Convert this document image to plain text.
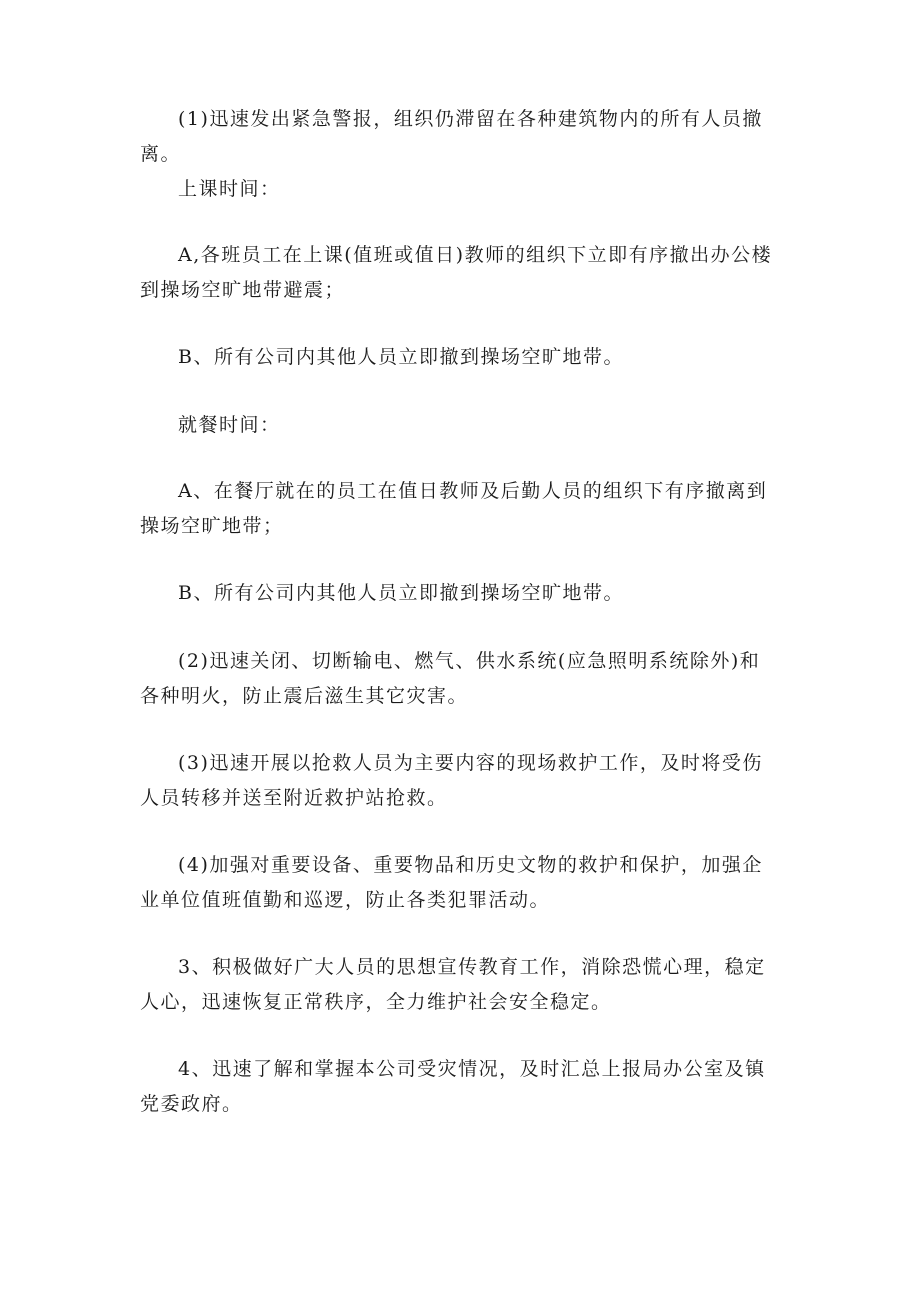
(1)迅速发出紧急警报，组织仍滞留在各种建筑物内的所有人员撤离。

上课时间：

A,各班员工在上课(值班或值日)教师的组织下立即有序撤出办公楼到操场空旷地带避震；

B、所有公司内其他人员立即撤到操场空旷地带。

就餐时间：

A、在餐厅就在的员工在值日教师及后勤人员的组织下有序撤离到操场空旷地带；

B、所有公司内其他人员立即撤到操场空旷地带。

(2)迅速关闭、切断输电、燃气、供水系统(应急照明系统除外)和各种明火，防止震后滋生其它灾害。

(3)迅速开展以抢救人员为主要内容的现场救护工作，及时将受伤人员转移并送至附近救护站抢救。

(4)加强对重要设备、重要物品和历史文物的救护和保护，加强企业单位值班值勤和巡逻，防止各类犯罪活动。

3、积极做好广大人员的思想宣传教育工作，消除恐慌心理，稳定人心，迅速恢复正常秩序，全力维护社会安全稳定。

4、迅速了解和掌握本公司受灾情况，及时汇总上报局办公室及镇党委政府。
